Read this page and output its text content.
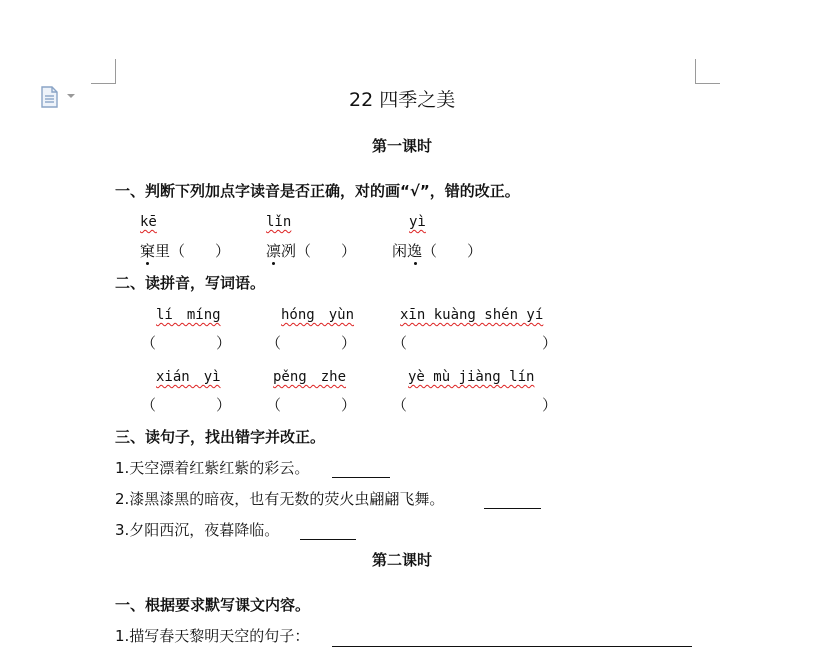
22 四季之美
第一课时
一、判断下列加点字读音是否正确，对的画“√”，错的改正。
kē	lǐn	yì
窠里（　　） 凛冽（　　） 闲逸（　　）
二、读拼音，写词语。
lí　míng	hóng　yùn	xīn kuàng shén yí
（　　　　） （　　　　） （　　　　　　　　　）
xián　yì	pěng　zhe	yè mù jiàng lín
（　　　　） （　　　　） （　　　　　　　　　）
三、读句子，找出错字并改正。
1.天空漂着红紫红紫的彩云。
2.漆黑漆黑的暗夜，也有无数的荧火虫翩翩飞舞。
3.夕阳西沉，夜暮降临。
第二课时
一、根据要求默写课文内容。
1.描写春天黎明天空的句子：
